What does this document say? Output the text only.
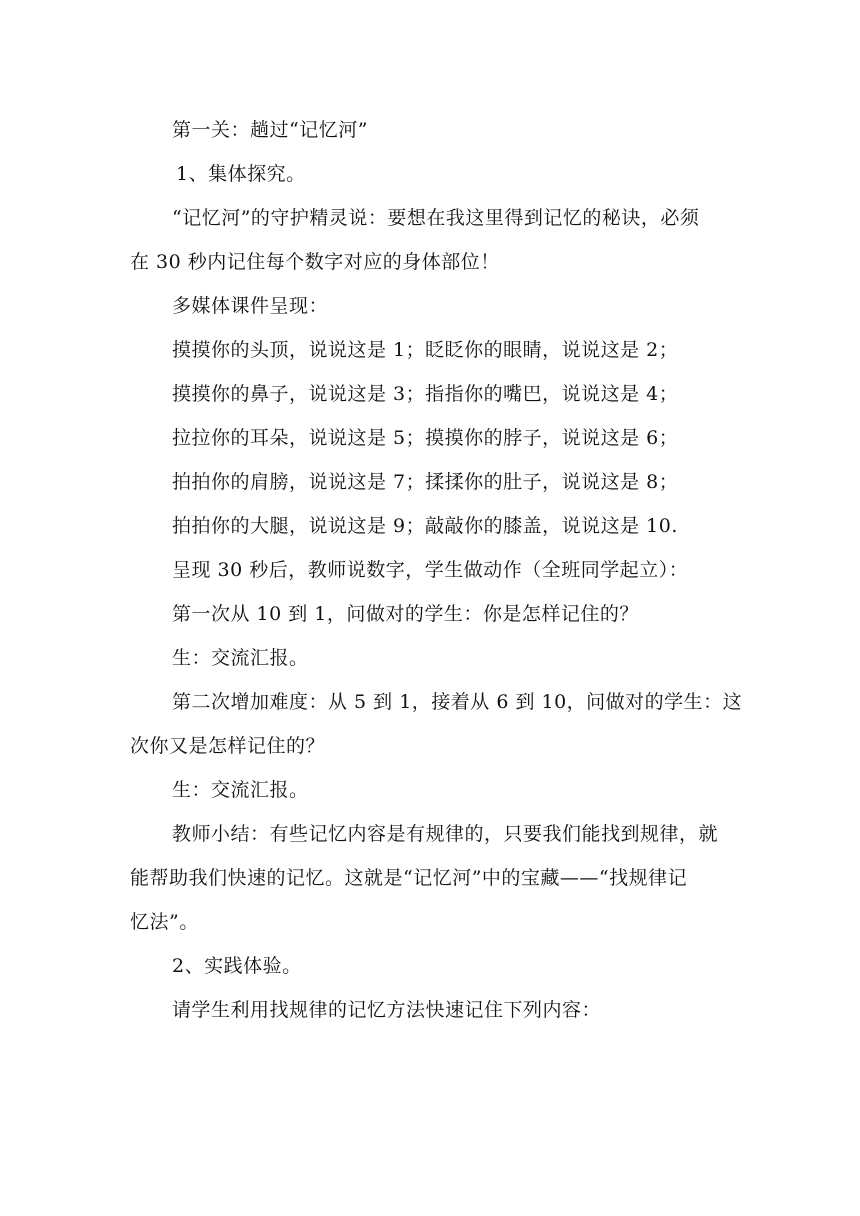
第一关：趟过“记忆河”
1、集体探究。
“记忆河”的守护精灵说：要想在我这里得到记忆的秘诀，必须
在 30 秒内记住每个数字对应的身体部位！
多媒体课件呈现：
摸摸你的头顶，说说这是 1；眨眨你的眼睛，说说这是 2；
摸摸你的鼻子，说说这是 3；指指你的嘴巴，说说这是 4；
拉拉你的耳朵，说说这是 5；摸摸你的脖子，说说这是 6；
拍拍你的肩膀，说说这是 7；揉揉你的肚子，说说这是 8；
拍拍你的大腿，说说这是 9；敲敲你的膝盖，说说这是 10.
呈现 30 秒后，教师说数字，学生做动作（全班同学起立）：
第一次从 10 到 1，问做对的学生：你是怎样记住的？
生：交流汇报。
第二次增加难度：从 5 到 1，接着从 6 到 10，问做对的学生：这
次你又是怎样记住的？
生：交流汇报。
教师小结：有些记忆内容是有规律的，只要我们能找到规律，就
能帮助我们快速的记忆。这就是“记忆河”中的宝藏——“找规律记
忆法”。
2、实践体验。
请学生利用找规律的记忆方法快速记住下列内容：
